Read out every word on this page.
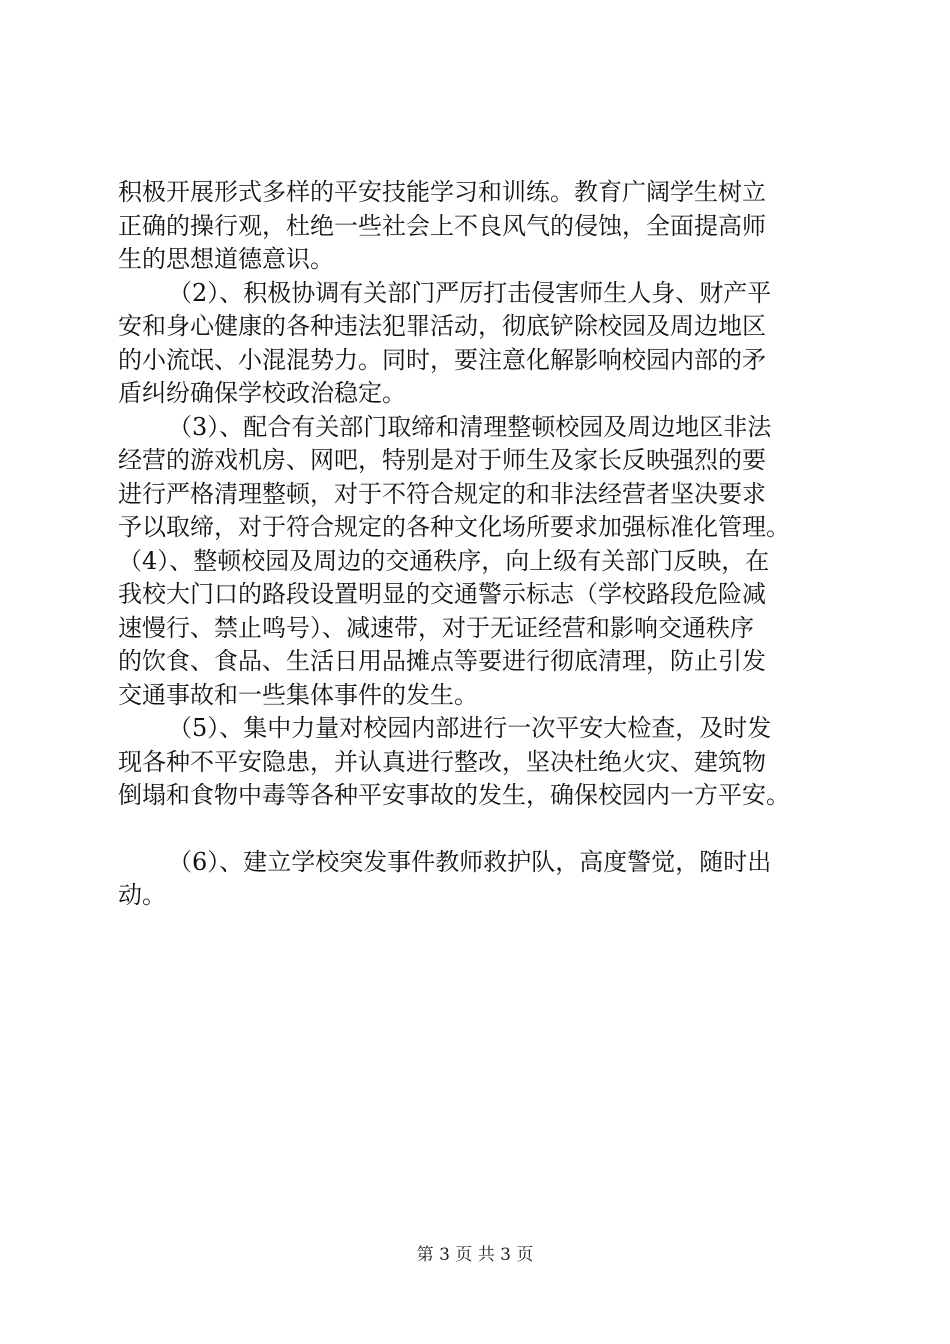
积极开展形式多样的平安技能学习和训练。教育广阔学生树立
正确的操行观，杜绝一些社会上不良风气的侵蚀，全面提高师
生的思想道德意识。
（2）、积极协调有关部门严厉打击侵害师生人身、财产平
安和身心健康的各种违法犯罪活动，彻底铲除校园及周边地区
的小流氓、小混混势力。同时，要注意化解影响校园内部的矛
盾纠纷确保学校政治稳定。
（3）、配合有关部门取缔和清理整顿校园及周边地区非法
经营的游戏机房、网吧，特别是对于师生及家长反映强烈的要
进行严格清理整顿，对于不符合规定的和非法经营者坚决要求
予以取缔，对于符合规定的各种文化场所要求加强标准化管理。
（4）、整顿校园及周边的交通秩序，向上级有关部门反映，在
我校大门口的路段设置明显的交通警示标志（学校路段危险减
速慢行、禁止鸣号）、减速带，对于无证经营和影响交通秩序
的饮食、食品、生活日用品摊点等要进行彻底清理，防止引发
交通事故和一些集体事件的发生。
（5）、集中力量对校园内部进行一次平安大检查，及时发
现各种不平安隐患，并认真进行整改，坚决杜绝火灾、建筑物
倒塌和食物中毒等各种平安事故的发生，确保校园内一方平安。
（6）、建立学校突发事件教师救护队，高度警觉，随时出
动。
第 3 页 共 3 页
